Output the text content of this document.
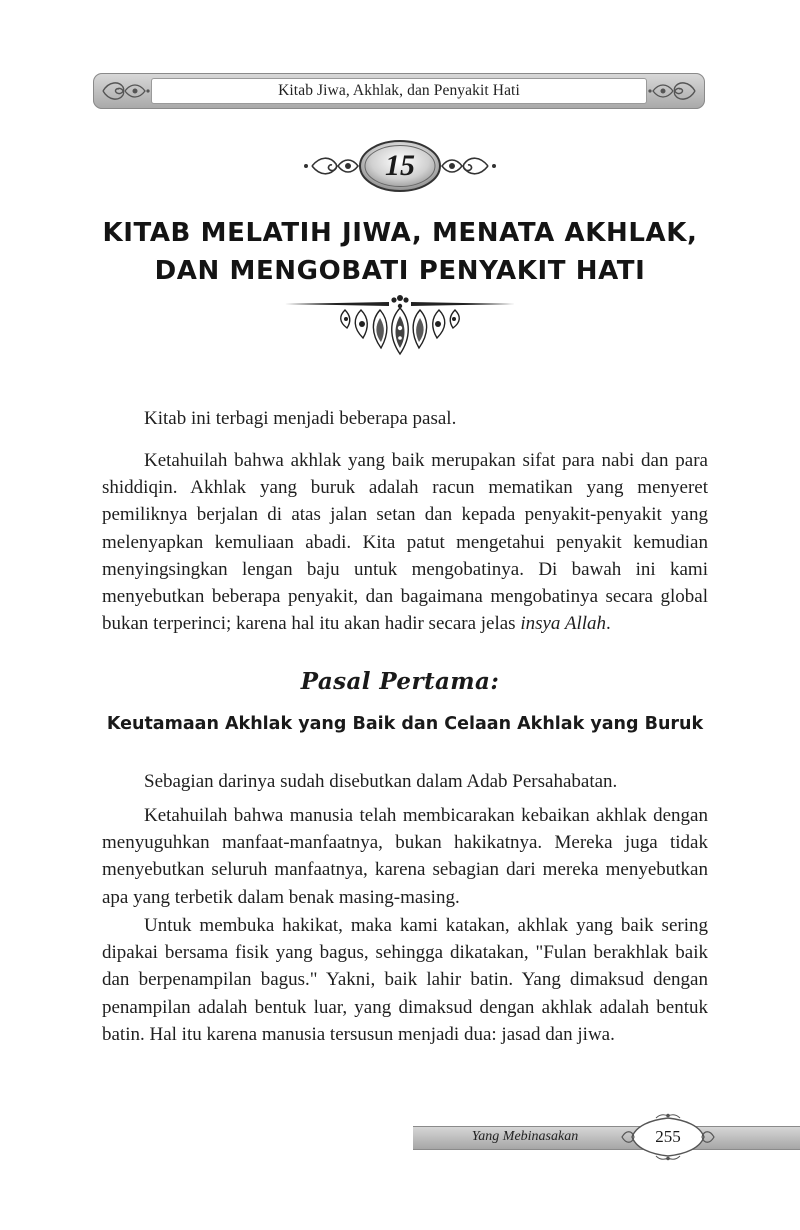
Kitab Jiwa, Akhlak, dan Penyakit Hati
15
KITAB MELATIH JIWA, MENATA AKHLAK,
DAN MENGOBATI PENYAKIT HATI

Kitab ini terbagi menjadi beberapa pasal.

Ketahuilah bahwa akhlak yang baik merupakan sifat para nabi dan para shiddiqin. Akhlak yang buruk adalah racun mematikan yang menyeret pemiliknya berjalan di atas jalan setan dan kepada penyakit-penyakit yang melenyapkan kemuliaan abadi. Kita patut mengetahui penyakit kemudian menyingsingkan lengan baju untuk mengobatinya. Di bawah ini kami menyebutkan beberapa penyakit, dan bagaimana mengobatinya secara global bukan terperinci; karena hal itu akan hadir secara jelas insya Allah.

Pasal Pertama:
Keutamaan Akhlak yang Baik dan Celaan Akhlak yang Buruk

Sebagian darinya sudah disebutkan dalam Adab Persahabatan.

Ketahuilah bahwa manusia telah membicarakan kebaikan akhlak dengan menyuguhkan manfaat-manfaatnya, bukan hakikatnya. Mereka juga tidak menyebutkan seluruh manfaatnya, karena sebagian dari mereka menyebutkan apa yang terbetik dalam benak masing-masing.

Untuk membuka hakikat, maka kami katakan, akhlak yang baik sering dipakai bersama fisik yang bagus, sehingga dikatakan, "Fulan berakhlak baik dan berpenampilan bagus." Yakni, baik lahir batin. Yang dimaksud dengan penampilan adalah bentuk luar, yang dimaksud dengan akhlak adalah bentuk batin. Hal itu karena manusia tersusun menjadi dua: jasad dan jiwa.

Yang Mebinasakan	255
